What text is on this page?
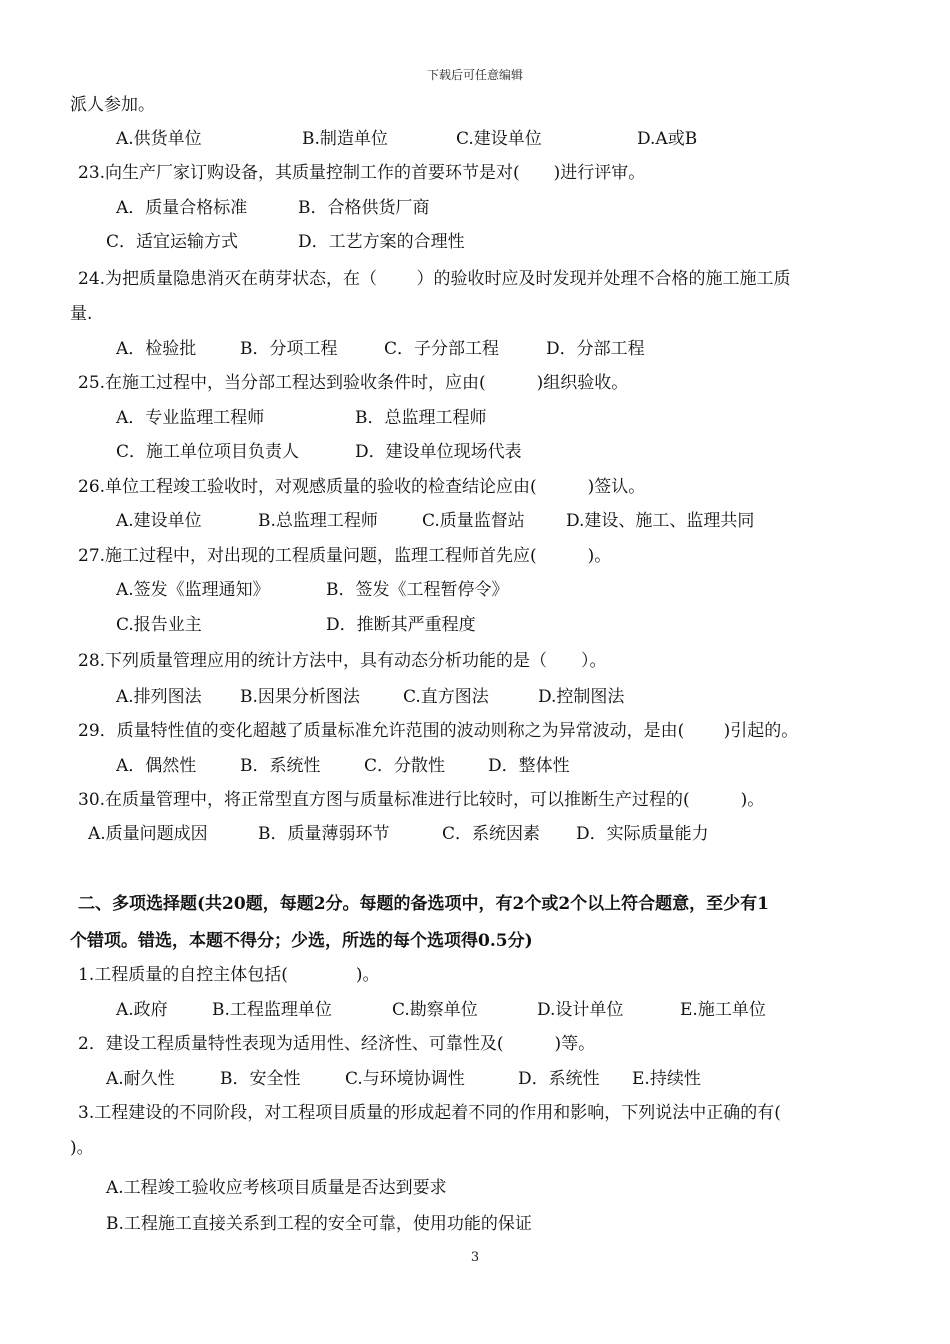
下载后可任意编辑
派人参加。
A.供货单位	B.制造单位	C.建设单位	D.A或B
23.向生产厂家订购设备，其质量控制工作的首要环节是对(　　)进行评审。
A．质量合格标准	B．合格供货厂商
C．适宜运输方式	D．工艺方案的合理性
24.为把质量隐患消灭在萌芽状态，在（　　 ）的验收时应及时发现并处理不合格的施工施工质
量.
A．检验批	B．分项工程	C．子分部工程	D．分部工程
25.在施工过程中，当分部工程达到验收条件时，应由(　　　)组织验收。
A．专业监理工程师	B．总监理工程师
C．施工单位项目负责人	D．建设单位现场代表
26.单位工程竣工验收时，对观感质量的验收的检查结论应由(　　　)签认。
A.建设单位	B.总监理工程师	C.质量监督站 D.建设、施工、监理共同
27.施工过程中，对出现的工程质量问题，监理工程师首先应(　　　)。
A.签发《监理通知》	B．签发《工程暂停令》
C.报告业主	D．推断其严重程度
28.下列质量管理应用的统计方法中，具有动态分析功能的是（　　）。
A.排列图法 B.因果分析图法	C.直方图法	D.控制图法
29．质量特性值的变化超越了质量标准允许范围的波动则称之为异常波动，是由(　　 )引起的。
A．偶然性	B．系统性	C．分散性	D．整体性
30.在质量管理中，将正常型直方图与质量标准进行比较时，可以推断生产过程的(　　　)。
A.质量问题成因	B．质量薄弱环节	C．系统因素 D．实际质量能力
二、多项选择题(共20题，每题2分。每题的备选项中，有2个或2个以上符合题意，至少有1
个错项。错选，本题不得分；少选，所选的每个选项得0.5分)
1.工程质量的自控主体包括(　　　　)。
A.政府	B.工程监理单位	C.勘察单位	D.设计单位	E.施工单位
2．建设工程质量特性表现为适用性、经济性、可靠性及(　　　)等。
A.耐久性	B．安全性	C.与环境协调性	D．系统性 E.持续性
3.工程建设的不同阶段，对工程项目质量的形成起着不同的作用和影响，下列说法中正确的有(
)。
A.工程竣工验收应考核项目质量是否达到要求
B.工程施工直接关系到工程的安全可靠，使用功能的保证
3
